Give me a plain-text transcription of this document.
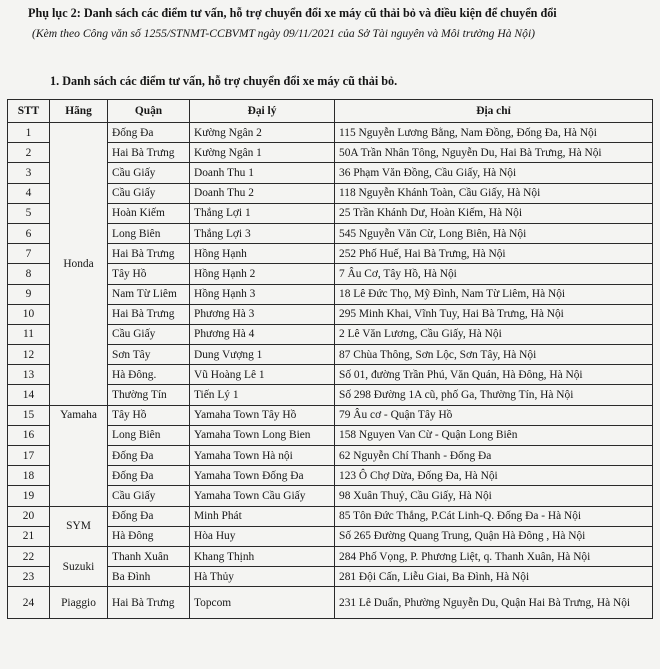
Phụ lục 2: Danh sách các điểm tư vấn, hỗ trợ chuyển đổi xe máy cũ thải bỏ và điều kiện để chuyển đổi
(Kèm theo Công văn số 1255/STNMT-CCBVMT ngày 09/11/2021 của Sở Tài nguyên và Môi trường Hà Nội)
1. Danh sách các điểm tư vấn, hỗ trợ chuyển đổi xe máy cũ thải bỏ.
STT	Hãng	Quận	Đại lý	Địa chỉ
1	Honda	Đống Đa	Kường Ngân 2	115 Nguyễn Lương Bằng, Nam Đồng, Đống Đa, Hà Nội
2		Hai Bà Trưng	Kường Ngân 1	50A Trần Nhân Tông, Nguyễn Du, Hai Bà Trưng, Hà Nội
3		Cầu Giấy	Doanh Thu 1	36 Phạm Văn Đồng, Cầu Giấy, Hà Nội
4		Cầu Giấy	Doanh Thu 2	118 Nguyễn Khánh Toàn, Cầu Giấy, Hà Nội
5		Hoàn Kiếm	Thắng Lợi 1	25 Trần Khánh Dư, Hoàn Kiếm, Hà Nội
6		Long Biên	Thắng Lợi 3	545 Nguyễn Văn Cừ, Long Biên, Hà Nội
7		Hai Bà Trưng	Hồng Hạnh	252 Phố Huế, Hai Bà Trưng, Hà Nội
8		Tây Hồ	Hồng Hạnh 2	7 Âu Cơ, Tây Hồ, Hà Nội
9		Nam Từ Liêm	Hồng Hạnh 3	18 Lê Đức Thọ, Mỹ Đình, Nam Từ Liêm, Hà Nội
10		Hai Bà Trưng	Phương Hà 3	295 Minh Khai, Vĩnh Tuy, Hai Bà Trưng, Hà Nội
11		Cầu Giấy	Phương Hà 4	2 Lê Văn Lương, Cầu Giấy, Hà Nội
12		Sơn Tây	Dung Vượng 1	87 Chùa Thông, Sơn Lộc, Sơn Tây, Hà Nội
13		Hà Đông.	Vũ Hoàng Lê 1	Số 01, đường Trần Phú, Văn Quán, Hà Đông, Hà Nội
14		Thường Tín	Tiến Lý 1	Số 298 Đường 1A cũ, phố Ga, Thường Tín, Hà Nội
15	Yamaha	Tây Hồ	Yamaha Town Tây Hồ	79 Âu cơ - Quận Tây Hồ
16		Long Biên	Yamaha Town Long Bien	158 Nguyen Van Cừ - Quận Long Biên
17		Đống Đa	Yamaha Town Hà nội	62 Nguyễn Chí Thanh - Đống Đa
18		Đống Đa	Yamaha Town Đống Đa	123 Ô Chợ Dừa, Đống Đa, Hà Nội
19		Cầu Giấy	Yamaha Town Cầu Giấy	98 Xuân Thuỷ, Cầu Giấy, Hà Nội
20	SYM	Đống Đa	Minh Phát	85 Tôn Đức Thắng, P.Cát Linh-Q. Đống Đa - Hà Nội
21		Hà Đông	Hòa Huy	Số 265 Đường Quang Trung, Quận Hà Đông , Hà Nội
22	Suzuki	Thanh Xuân	Khang Thịnh	284 Phố Vọng, P. Phương Liệt, q. Thanh Xuân, Hà Nội
23		Ba Đình	Hà Thủy	281 Đội Cấn, Liễu Giai, Ba Đình, Hà Nội
24	Piaggio	Hai Bà Trưng	Topcom	231 Lê Duẩn, Phường Nguyễn Du, Quận Hai Bà Trưng, Hà Nội
